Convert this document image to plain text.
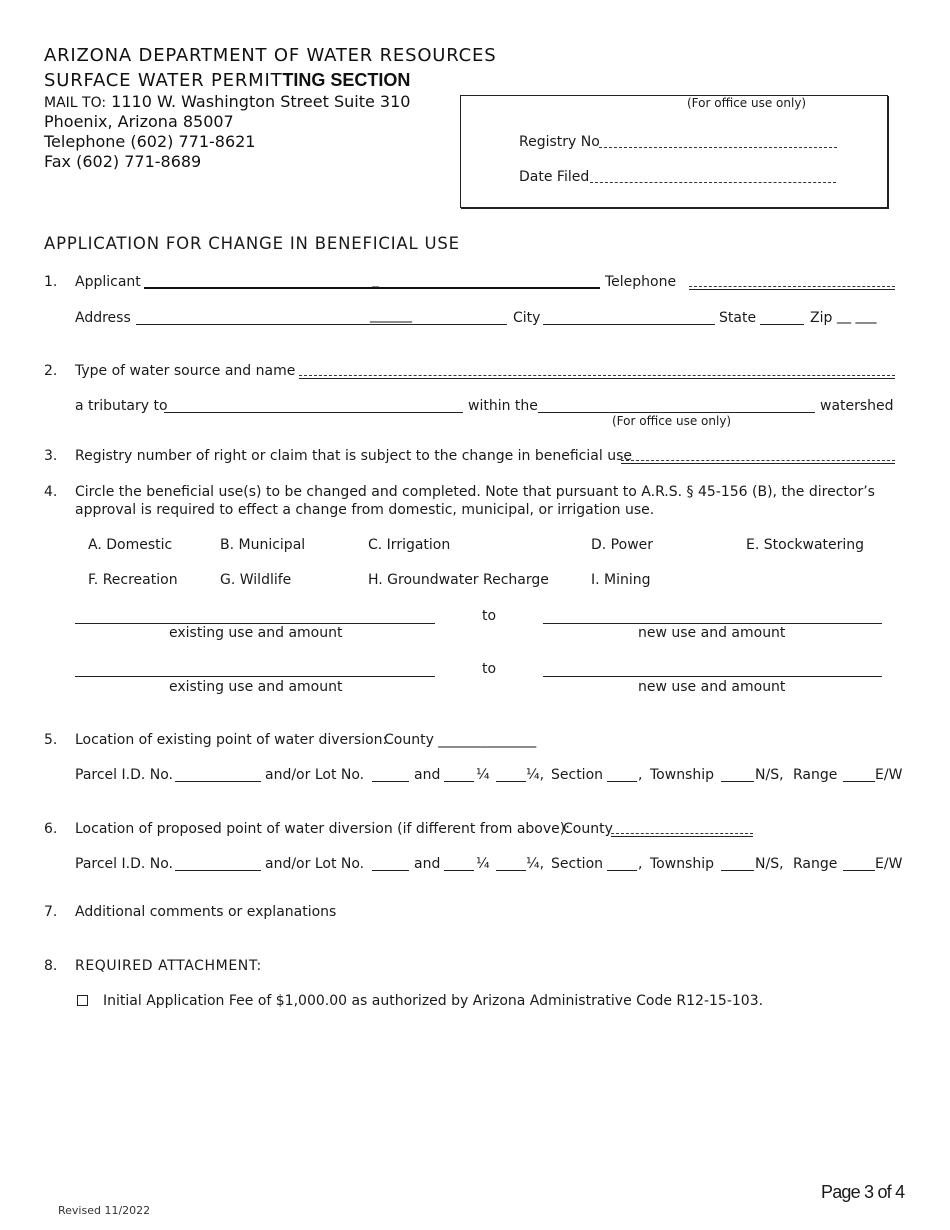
ARIZONA DEPARTMENT OF WATER RESOURCES
SURFACE WATER PERMITTING SECTION
MAIL TO: 1110 W. Washington Street Suite 310
Phoenix, Arizona 85007
Telephone (602) 771-8621
Fax (602) 771-8689
(For office use only)
Registry No
Date Filed
APPLICATION FOR CHANGE IN BENEFICIAL USE
1. Applicant	_	Telephone
Address	______	City	State	Zip __ ___
2. Type of water source and name
a tributary to	within the	watershed
(For office use only)
3. Registry number of right or claim that is subject to the change in beneficial use
4. Circle the beneficial use(s) to be changed and completed. Note that pursuant to A.R.S. § 45-156 (B), the director’s
approval is required to effect a change from domestic, municipal, or irrigation use.
A. Domestic	B. Municipal	C. Irrigation	D. Power	E. Stockwatering
F. Recreation	G. Wildlife	H. Groundwater Recharge	I. Mining
to
existing use and amount	new use and amount
to
existing use and amount	new use and amount
5. Location of existing point of water diversion:
County ______________
Parcel I.D. No.	and/or Lot No.	and	¼	¼, Section , Township	N/S, Range	E/W
6. Location of proposed point of water diversion (if different from above):
County
Parcel I.D. No.	and/or Lot No.	and	¼	¼, Section , Township	N/S, Range	E/W
7. Additional comments or explanations
8. REQUIRED ATTACHMENT:
Initial Application Fee of $1,000.00 as authorized by Arizona Administrative Code R12-15-103.
Revised 11/2022
Page 3 of 4
